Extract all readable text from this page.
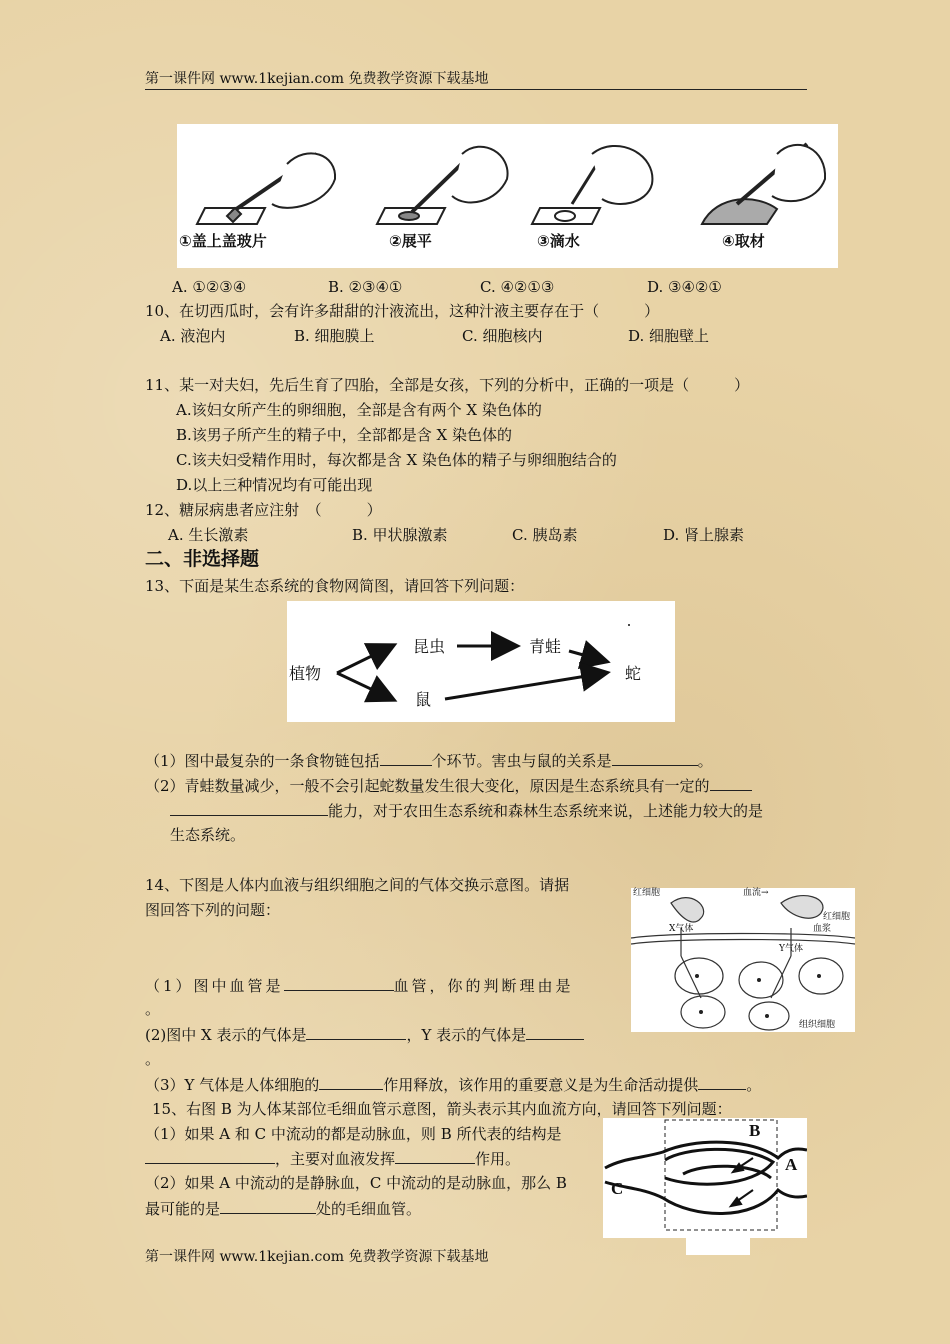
第一课件网 www.1kejian.com 免费教学资源下载基地
①盖上盖玻片	②展平	③滴水	④取材
A. ①②③④	B. ②③④①	C. ④②①③	D. ③④②①
10、在切西瓜时，会有许多甜甜的汁液流出，这种汁液主要存在于（　　　）
A. 液泡内	B. 细胞膜上	C. 细胞核内	D. 细胞壁上
11、某一对夫妇，先后生育了四胎，全部是女孩，下列的分析中，正确的一项是（　　　）
A.该妇女所产生的卵细胞，全部是含有两个 X 染色体的
B.该男子所产生的精子中，全部都是含 X 染色体的
C.该夫妇受精作用时，每次都是含 X 染色体的精子与卵细胞结合的
D.以上三种情况均有可能出现
12、糖尿病患者应注射　（　　　）
A. 生长激素	B. 甲状腺激素	C. 胰岛素	D. 肾上腺素
二、非选择题
13、下面是某生态系统的食物网简图，请回答下列问题：
植物
昆虫	青蛙
鼠
蛇
（1）图中最复杂的一条食物链包括	个环节。害虫与鼠的关系是	。
（2）青蛙数量减少，一般不会引起蛇数量发生很大变化，原因是生态系统具有一定的
能力，对于农田生态系统和森林生态系统来说，上述能力较大的是
生态系统。
14、下图是人体内血液与组织细胞之间的气体交换示意图。请据
图回答下列的问题：
红细胞	血流→
红细胞
血浆
X气体
Y气体
组织细胞
（1）图中血管是	血管，你的判断理由是
。
(2)图中 X 表示的气体是	，Y 表示的气体是
。
（3）Y 气体是人体细胞的	作用释放，该作用的重要意义是为生命活动提供	。
15、右图 B 为人体某部位毛细血管示意图，箭头表示其内血流方向，请回答下列问题：
（1）如果 A 和 C 中流动的都是动脉血，则 B 所代表的结构是
，主要对血液发挥	作用。
（2）如果 A 中流动的是静脉血，C 中流动的是动脉血，那么 B
最可能的是	处的毛细血管。
A
B
C
第一课件网 www.1kejian.com 免费教学资源下载基地
